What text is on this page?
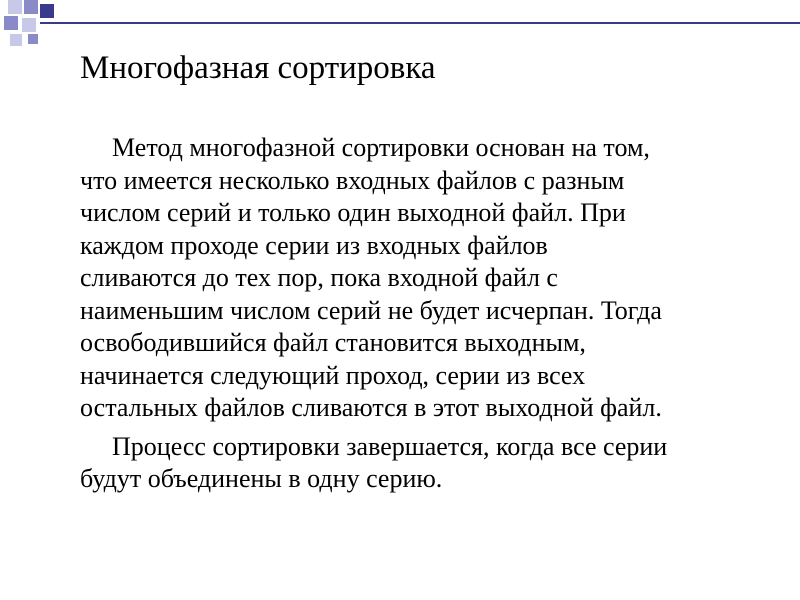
Многофазная сортировка

Метод многофазной сортировки основан на том,
что имеется несколько входных файлов с разным
числом серий и только один выходной файл. При
каждом проходе серии из входных файлов
сливаются до тех пор, пока входной файл с
наименьшим числом серий не будет исчерпан. Тогда
освободившийся файл становится выходным,
начинается следующий проход, серии из всех
остальных файлов сливаются в этот выходной файл.

Процесс сортировки завершается, когда все серии
будут объединены в одну серию.
